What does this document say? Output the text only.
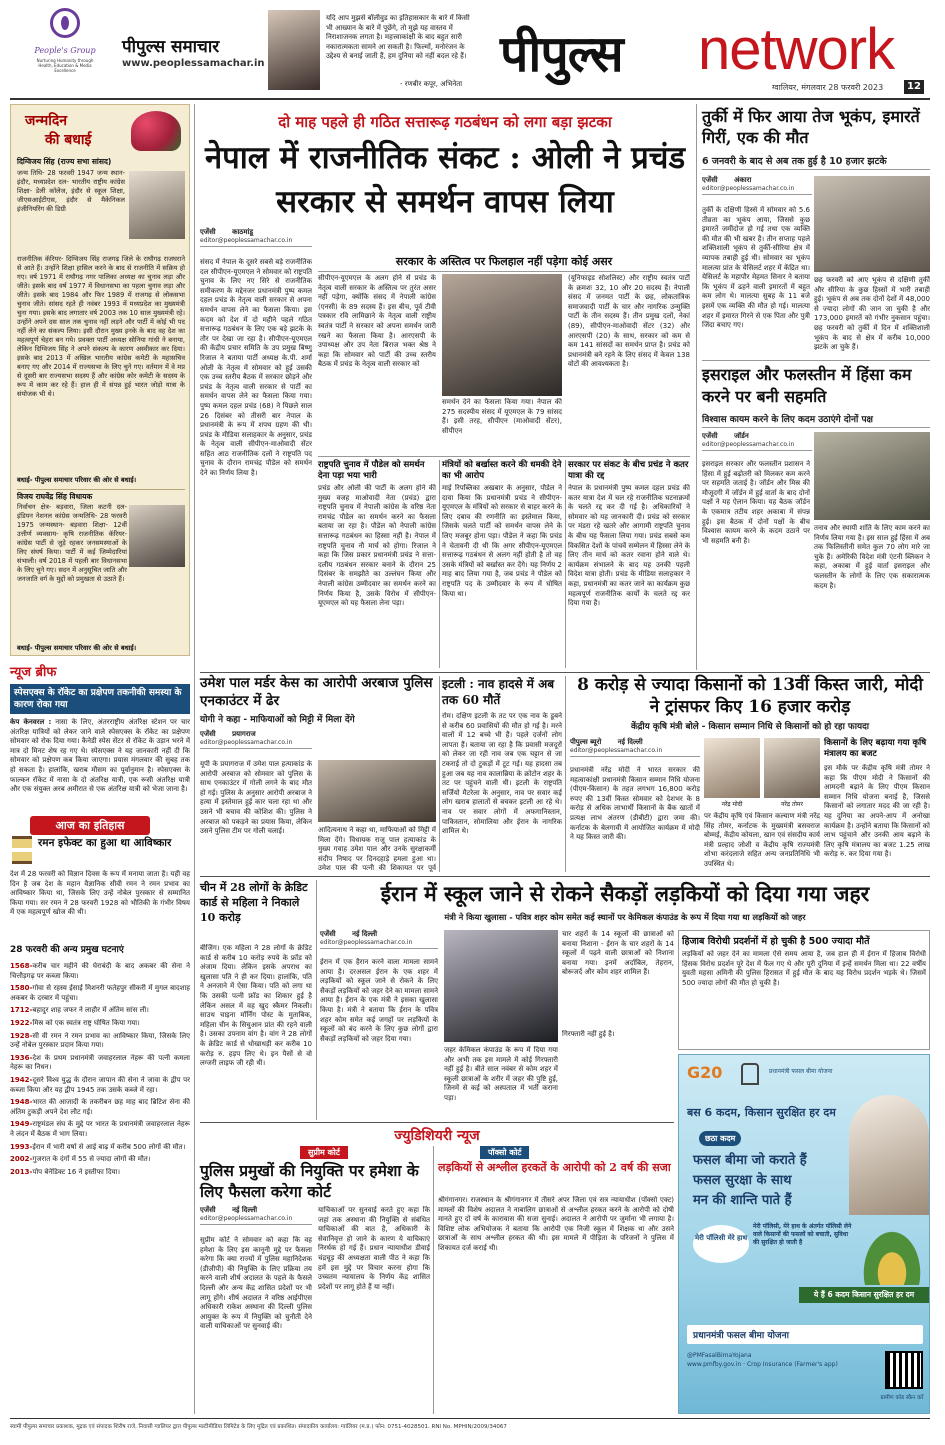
People's Group
Nurturing Humanity through Health, Education & Media Excellence
पीपुल्स समाचार
www.peoplessamachar.in
यदि आप मुझसे बॉलीवुड का इतिहासकार के बारे में किसी भी आख्यान के बारे में पूछेंगे, तो मुझे यह वास्तव में निराशाजनक लगता है। महत्त्वाकांक्षी के बाद बहुत सारी नकारात्मकता सामने आ सकती है। फिल्मों, मनोरंजन के उद्देश्य से बनाई जाती हैं, हम दुनिया को नहीं बदल रहे हैं।
- रणबीर कपूर, अभिनेता
पीपुल्स network
ग्वालियर, मंगलवार 28 फरवरी 2023	12
जन्मदिन
की बधाई
दिग्विजय सिंह (राज्य सभा सांसद)
जन्म तिथि- 28 फरवरी 1947 जन्म स्थान- इंदौर, मध्यप्रदेश दल- भारतीय राष्ट्रीय कांग्रेस शिक्षा- डेली कॉलेज, इंदौर से स्कूल शिक्षा, जीएसआईटीएस, इंदौर से मैकेनिकल इंजीनियरिंग की डिग्री
राजनीतिक कॅरियर- दिग्विजय सिंह राजगढ़ जिले के राघौगढ़ राजघराने से आते हैं। उन्होंने शिक्षा हासिल करने के बाद से राजनीति में सक्रिय हो गए। वर्ष 1971 में राघौगढ़ नगर पालिका अध्यक्ष का चुनाव लड़ा और जीते। इसके बाद वर्ष 1977 में विधानसभा का पहला चुनाव लड़ा और जीते। इसके बाद 1984 और फिर 1989 में राजगढ़ से लोकसभा चुनाव जीते। सांसद रहते ही नवंबर 1993 में मध्यप्रदेश का मुख्यमंत्री चुना गया। इसके बाद लगातार वर्ष 2003 तक 10 साल मुख्यमंत्री रहे। उन्होंने अपने दस साल तक चुनाव नहीं लड़ने और पार्टी में कोई भी पद नहीं लेने का संकल्प लिया। इसी दौरान मुख्य इनके के बाद वह देश का महत्वपूर्ण चेहरा बन गये। प्रवक्ता पार्टी अध्यक्ष सोनिया गांधी ने बनाया, लेकिन दिग्विजय सिंह ने अपने संकल्प के कारण अस्वीकार कर दिया। इसके बाद 2013 में अखिल भारतीय कांग्रेस कमेटी के महासचिव बनाए गए और 2014 में राज्यसभा के लिए चुने गए। वर्तमान में वे मप्र से दूसरी बार राज्यसभा सदस्य हैं और कांग्रेस कोर कमेटी के सदस्य के रूप में काम कर रहे हैं। हाल ही में संपन्न हुई भारत जोड़ो यात्रा के संयोजक भी थे।
बधाई- पीपुल्स समाचार परिवार की ओर से बधाई।
विजय राघवेंद्र सिंह विधायक
निर्वाचन क्षेत्र- बड़वारा, जिला कटनी दल- इंडियन नेशनल कांग्रेस जन्मतिथि- 28 फरवरी 1975 जन्मस्थान- बड़वारा शिक्षा- 12वीं उत्तीर्ण व्यवसाय- कृषि राजनीतिक कॅरियर- कांग्रेस पार्टी से जुड़े रहकर जनसमस्याओं के लिए संघर्ष किया। पार्टी में कई जिम्मेदारियां संभाली। वर्ष 2018 में पहली बार विधानसभा के लिए चुने गए। सदन में अनुसूचित जाति और जनजाति वर्ग के मुद्दों को प्रमुखता से उठाते हैं।
बधाई- पीपुल्स समाचार परिवार की ओर से बधाई।
न्यूज ब्रीफ
स्पेसएक्स के रॉकेट का प्रक्षेपण तकनीकी समस्या के कारण रोका गया
केप केनवरल : नासा के लिए, अंतरराष्ट्रीय अंतरिक्ष स्टेशन पर चार अंतरिक्ष यात्रियों को लेकर जाने वाले स्पेसएक्स के रॉकेट का प्रक्षेपण सोमवार को रोक दिया गया। कैनेडी स्पेस सेंटर से रॉकेट के उड़ान भरने में मात्र दो मिनट शेष रह गए थे। स्पेसएक्स ने यह जानकारी नहीं दी कि सोमवार को प्रक्षेपण कब किया जाएगा। प्रयास मंगलवार की सुबह तक हो सकता है। हालांकि, खराब मौसम का पूर्वानुमान है। स्पेसएक्स के फाल्कन रॉकेट में नासा के दो अंतरिक्ष यात्री, एक रूसी अंतरिक्ष यात्री और एक संयुक्त अरब अमीरात से एक अंतरिक्ष यात्री को भेजा जाना है।
आज का इतिहास
रमन इफेक्ट का हुआ था आविष्कार
देश में 28 फरवरी को विज्ञान दिवस के रूप में मनाया जाता है। यही वह दिन है जब देश के महान वैज्ञानिक सीवी रमन ने रमन प्रभाव का आविष्कार किया था, जिसके लिए उन्हें नोबेल पुरस्कार से सम्मानित किया गया। सर रमन ने 28 फरवरी 1928 को भौतिकी के गंभीर विषय में एक महत्वपूर्ण खोज की थी।
28 फरवरी की अन्य प्रमुख घटनाएं
1568-करीब चार महीने की घेराबंदी के बाद अकबर की सेना ने चित्तौड़गढ़ पर कब्जा किया।
1580-गोवा से रहस्य ईसाई मिशनरी फतेहपुर सीकरी में मुगल बादशाह अकबर के दरबार में पहुंचा।
1712-बहादुर शाह जफर ने लाहौर में अंतिम सांस ली।
1922-मिस्र को एक स्वतंत्र राष्ट्र घोषित किया गया।
1928-सी वी रमन ने रमन प्रभाव का आविष्कार किया, जिसके लिए उन्हें नोबेल पुरस्कार प्रदान किया गया।
1936-देश के प्रथम प्रधानमंत्री जवाहरलाल नेहरू की पत्नी कमला नेहरू का निधन।
1942-दूसरे विश्व युद्ध के दौरान जापान की सेना ने जावा के द्वीप पर कब्जा किया और यह द्वीप 1945 तक उसके कब्जे में रहा।
1948-भारत की आजादी के तकरीबन छह माह बाद ब्रिटिश सेना की अंतिम टुकड़ी अपने देश लौट गई।
1949-राष्ट्रमंडल संघ के मुद्दे पर भारत के प्रधानमंत्री जवाहरलाल नेहरू ने लंदन में बैठक में भाग लिया।
1993-ईरान में भारी वर्षा से आई बाढ़ में करीब 500 लोगों की मौत।
2002-गुजरात के दंगों में 55 से ज्यादा लोगों की मौत।
2013-पोप बेनेडिक्ट 16 ने इस्तीफा दिया।
दो माह पहले ही गठित सत्तारूढ़ गठबंधन को लगा बड़ा झटका
नेपाल में राजनीतिक संकट : ओली ने प्रचंड सरकार से समर्थन वापस लिया
एजेंसी काठमांडू
editor@peoplessamachar.co.in
संसद में नेपाल के दूसरे सबसे बड़े राजनीतिक दल सीपीएन-यूएमएल ने सोमवार को राष्ट्रपति चुनाव के लिए नए सिरे से राजनीतिक समीकरण के मद्देनजर प्रधानमंत्री पुष्प कमल दहल प्रचंड के नेतृत्व वाली सरकार से अपना समर्थन वापस लेने का फैसला किया। इस कदम को देश में दो महीने पहले गठित सत्तारूढ़ गठबंधन के लिए एक बड़े झटके के तौर पर देखा जा रहा है। सीपीएन-यूएमएल की केंद्रीय प्रचार समिति के उप प्रमुख बिष्णु रिजाल ने बताया पार्टी अध्यक्ष के.पी. शर्मा ओली के नेतृत्व में सोमवार को हुई उसकी एक उच्च स्तरीय बैठक में सरकार छोड़ने और प्रचंड के नेतृत्व वाली सरकार से पार्टी का समर्थन वापस लेने का फैसला किया गया। पुष्प कमल दहल प्रचंड (68) ने पिछले साल 26 दिसंबर को तीसरी बार नेपाल के प्रधानमंत्री के रूप में शपथ ग्रहण की थी। प्रचंड के मीडिया सलाहकार के अनुसार, प्रचंड के नेतृत्व वाली सीपीएन-माओवादी सेंटर सहित आठ राजनीतिक दलों ने राष्ट्रपति पद चुनाव के दौरान रामचंद्र पौडेल को समर्थन देने का निर्णय लिया है।
सरकार के अस्तित्व पर फिलहाल नहीं पड़ेगा कोई असर
सीपीएन-यूएमएल के अलग होने से प्रचंड के नेतृत्व वाली सरकार के अस्तित्व पर तुरंत असर नहीं पड़ेगा, क्योंकि संसद में नेपाली कांग्रेस (एनसी) के 89 सदस्य हैं। इस बीच, पूर्व टीवी पत्रकार रवि लामिछाने के नेतृत्व वाली राष्ट्रीय स्वतंत्र पार्टी ने सरकार को अपना समर्थन जारी रखने का फैसला किया है। आरएसपी के उपाध्यक्ष और उप नेता बिराज भक्त श्रेष्ठ ने कहा कि सोमवार को पार्टी की उच्च स्तरीय बैठक में प्रचंड के नेतृत्व वाली सरकार को
समर्थन देने का फैसला किया गया। नेपाल की 275 सदस्यीय संसद में यूएमएल के 79 सांसद हैं। इसी तरह, सीपीएन (माओवादी सेंटर), सीपीएन
(यूनिफाइड सोशलिस्ट) और राष्ट्रीय स्वतंत्र पार्टी के क्रमशः 32, 10 और 20 सदस्य हैं। नेपाली संसद में जनमत पार्टी के छह, लोकतांत्रिक समाजवादी पार्टी के चार और नागरिक उन्मुक्ति पार्टी के तीन सदस्य हैं। तीन प्रमुख दलों, नेकां (89), सीपीएन-माओवादी सेंटर (32) और आरएसपी (20) के साथ, सरकार को कम से कम 141 सांसदों का समर्थन प्राप्त है। प्रचंड को प्रधानमंत्री बने रहने के लिए संसद में केवल 138 वोटों की आवश्यकता है।
राष्ट्रपति चुनाव में पौडेल को समर्थन देना पड़ा भया भारी
प्रचंड और ओली की पार्टी के अलग होने की मुख्य वजह माओवादी नेता (प्रचंड) द्वारा राष्ट्रपति चुनाव में नेपाली कांग्रेस के वरिष्ठ नेता रामचंद्र पौडेल का समर्थन करने का फैसला बताया जा रहा है। पौडेल को नेपाली कांग्रेस सत्तारूढ़ गठबंधन का हिस्सा नहीं है। नेपाल में राष्ट्रपति चुनाव नौ मार्च को होगा। रिजाल ने कहा कि जिस प्रकार प्रधानमंत्री प्रचंड ने सत्ता-दलीय गठबंधन सरकार बनाने के दौरान 25 दिसंबर के समझौते का उल्लंघन किया और नेपाली कांग्रेस उम्मीदवार का समर्थन करने का निर्णय किया है, उसके विरोध में सीपीएन-यूएमएल को यह फैसला लेना पड़ा।
मंत्रियों को बर्खास्त करने की धमकी देने का भी आरोप
माई रिपब्लिका अखबार के अनुसार, पौडेल ने दावा किया कि प्रधानमंत्री प्रचंड ने सीपीएन-यूएमएल के मंत्रियों को सरकार से बाहर करने के लिए दबाव की रणनीति का इस्तेमाल किया, जिसके चलते पार्टी को समर्थन वापस लेने के लिए मजबूर होना पड़ा। पौडेल ने कहा कि प्रचंड ने चेतावनी दी थी कि अगर सीपीएन-यूएमएल सत्तारूढ़ गठबंधन से अलग नहीं होती है तो वह उसके मंत्रियों को बर्खास्त कर देंगे। यह निर्णय 2 माह बाद लिया गया है, जब प्रचंड ने पौडेल को राष्ट्रपति पद के उम्मीदवार के रूप में घोषित किया था।
सरकार पर संकट के बीच प्रचंड ने कतर यात्रा की रद्द
नेपाल के प्रधानमंत्री पुष्प कमल दहल प्रचंड की कतर यात्रा देश में चल रहे राजनीतिक घटनाक्रमों के चलते रद्द कर दी गई है। अधिकारियों ने सोमवार को यह जानकारी दी। प्रचंड को सरकार पर मंडरा रहे खतरे और आगामी राष्ट्रपति चुनाव के बीच यह फैसला लिया गया। प्रचंड सबसे कम विकसित देशों के पांचवें सम्मेलन में हिस्सा लेने के लिए तीन मार्च को कतर रवाना होने वाले थे। कार्यक्रम संभालने के बाद यह उनकी पहली विदेश यात्रा होती। प्रचंड के मीडिया सलाहकार ने कहा, प्रधानमंत्री का कतर जाने का कार्यक्रम कुछ महत्वपूर्ण राजनीतिक कार्यों के चलते रद्द कर दिया गया है।
तुर्की में फिर आया तेज भूकंप, इमारतें गिरीं, एक की मौत
6 जनवरी के बाद से अब तक हुई है 10 हजार झटके
एजेंसी अंकारा
editor@peoplessamachar.co.in
तुर्की के दक्षिणी हिस्से में सोमवार को 5.6 तीव्रता का भूकंप आया, जिससे कुछ इमारतें जमींदोज हो गई तथा एक व्यक्ति की मौत की भी खबर है। तीन सप्ताह पहले शक्तिशाली भूकंप से तुर्की-सीरिया क्षेत्र में व्यापक तबाही हुई थी। सोमवार का भूकंप मालत्या प्रांत के येसिलर्ट शहर में केंद्रित था। येसिलर्ट के महापौर मेहमत सिनार ने बताया कि भूकंप में ढहने वाली इमारतों में बहुत कम लोग थे। मालत्या सुबह के 11 बजे इसमें एक व्यक्ति की मौत हो गई। मालत्या शहर में इमारत गिरने से एक पिता और पुत्री जिंदा बचाए गए।
छह फरवरी को आए भूकंप से दक्षिणी तुर्की और सीरिया के कुछ हिस्सों में भारी तबाही हुई। भूकंप से अब तक दोनों देशों में 48,000 से ज्यादा लोगों की जान जा चुकी है और 173,000 इमारतें को गंभीर नुकसान पहुंचा। छह फरवरी को तुर्की में दिन में शक्तिशाली भूकंप के बाद से क्षेत्र में करीब 10,000 झटके आ चुके हैं।
इसराइल और फलस्तीन में हिंसा कम करने पर बनी सहमति
विश्वास कायम करने के लिए कदम उठाएंगे दोनों पक्ष
एजेंसी जॉर्डन
editor@peoplessamachar.co.in
इसराइल सरकार और फलस्तीन प्रशासन ने हिंसा में हुई बढ़ोतरी को मिलकर कम करने पर सहमति जताई है। जॉर्डन और मिस्र की मौजूदगी में जॉर्डन में हुई वार्ता के बाद दोनों पक्षों ने यह ऐलान किया। यह बैठक जॉर्डन के एकमात्र तटीय शहर अकाबा में संपन्न हुई। इस बैठक में दोनों पक्षों के बीच विश्वास कायम करने के कदम उठाने पर भी सहमति बनी है।
तनाव और स्थायी शांति के लिए काम करने का निर्णय लिया गया है। इस साल हुई हिंसा में अब तक फिलिस्तीनी समेत कुल 70 लोग मारे जा चुके हैं। अमेरिकी विदेश मंत्री एंटनी ब्लिंकन ने कहा, अकाबा में हुई वार्ता इसराइल और फलस्तीन के लोगों के लिए एक सकारात्मक कदम है।
उमेश पाल मर्डर केस का आरोपी अरबाज पुलिस एनकाउंटर में ढेर
योगी ने कहा - माफियाओं को मिट्टी में मिला देंगे
एजेंसी प्रयागराज
editor@peoplessamachar.co.in
यूपी के प्रयागराज में उमेश पाल हत्याकांड के आरोपी अरबाज को सोमवार को पुलिस के साथ एनकाउंटर में गोली लगने के बाद मौत हो गई। पुलिस के अनुसार आरोपी अरबाज ने हत्या में इस्तेमाल हुई कार चला रहा था और उसने भी बचाव की कोशिश की। पुलिस ने अरबाज को पकड़ने का प्रयास किया, लेकिन उसने पुलिस टीम पर गोली चलाई।	आदित्यनाथ ने कहा था, माफियाओं को मिट्टी में मिला देंगे। विधायक राजू पाल हत्याकांड के मुख्य गवाह उमेश पाल और उनके सुरक्षाकर्मी संदीप निषाद पर दिनदहाड़े हमला हुआ था। उमेश पाल की पत्नी की शिकायत पर पूर्व
इटली : नाव हादसे में अब तक 60 मौतें
रोम। दक्षिण इटली के तट पर एक नाव के डूबने से करीब 60 प्रवासियों की मौत हो गई है। मरने वालों में 12 बच्चे भी हैं। पहले दर्जनों लोग लापता हैं। बताया जा रहा है कि प्रवासी मजदूरों को लेकर जा रही नाव जब एक चट्टान से जा टकराई तो दो टुकड़ों में टूट गई। यह हादसा तब हुआ जब यह नाव कालाब्रिया के क्रोटोन शहर के तट पर पहुंचने वाली थी। इटली के राष्ट्रपति सर्जियो मैटरेला के अनुसार, नाव पर सवार कई लोग खराब हालातों से बचकर इटली आ रहे थे। नाव पर सवार लोगों में अफगानिस्तान, पाकिस्तान, सोमालिया और ईरान के नागरिक शामिल थे।
8 करोड़ से ज्यादा किसानों को 13वीं किस्त जारी, मोदी ने ट्रांसफर किए 16 हजार करोड़
केंद्रीय कृषि मंत्री बोले - किसान सम्मान निधि से किसानों को हो रहा फायदा
पीपुल्स ब्यूरो नई दिल्ली
editor@peoplessamachar.co.in
प्रधानमंत्री नरेंद्र मोदी ने भारत सरकार की महत्वाकांक्षी प्रधानमंत्री किसान सम्मान निधि योजना (पीएम-किसान) के तहत लगभग 16,800 करोड़ रुपए की 13वीं किस्त सोमवार को देशभर के 8 करोड़ से अधिक लाभार्थी किसानों के बैंक खातों में प्रत्यक्ष लाभ अंतरण (डीबीटी) द्वारा जमा की। कर्नाटक के बेलगावी में आयोजित कार्यक्रम में मोदी ने यह किस्त जारी की।
नरेंद्र मोदी	नरेंद्र तोमर
पर केंद्रीय कृषि एवं किसान कल्याण मंत्री नरेंद्र सिंह तोमर, कर्नाटक के मुख्यमंत्री बसवराज बोम्मई, केंद्रीय कोयला, खान एवं संसदीय कार्य मंत्री प्रल्हाद जोशी व केंद्रीय कृषि राज्यमंत्री शोभा करंदलाजे सहित अन्य जनप्रतिनिधि भी उपस्थित थे।
किसानों के लिए बढ़ाया गया कृषि मंत्रालय का बजट
इस मौके पर केंद्रीय कृषि मंत्री तोमर ने कहा कि पीएम मोदी ने किसानों की आमदनी बढ़ाने के लिए पीएम किसान सम्मान निधि योजना बनाई है, जिससे किसानों को लगातार मदद की जा रही है। यह दुनिया का अपने-आप में अनोखा कार्यक्रम है। उन्होंने बताया कि किसानों को लाभ पहुंचाने और उनकी आय बढ़ाने के लिए कृषि मंत्रालय का बजट 1.25 लाख करोड़ रु. कर दिया गया है।
चीन में 28 लोगों के क्रेडिट कार्ड से महिला ने निकाले 10 करोड़
बीजिंग। एक महिला ने 28 लोगों के क्रेडिट कार्ड से करीब 10 करोड़ रुपये के फ्रॉड को अंजाम दिया। लेकिन इसके अपराध का खुलासा पति ने ही कर दिया। हालांकि, पति ने अनजाने में ऐसा किया। पति को लगा था कि उसकी पत्नी फ्रॉड का शिकार हुई है लेकिन असल में वह खुद स्कैमर निकली। साउथ चाइना मॉर्निंग पोस्ट के मुताबिक, महिला चीन के सिचुआन प्रांत की रहने वाली है। उसका उपनाम वांग है। वांग ने 28 लोगों के क्रेडिट कार्ड से धोखाधड़ी कर करीब 10 करोड़ रु. हड़प लिए थे। इन पैसों से वो लग्जरी लाइफ जी रही थी।
ईरान में स्कूल जाने से रोकने सैकड़ों लड़कियों को दिया गया जहर
मंत्री ने किया खुलासा - पवित्र शहर कोम समेत कई स्थानों पर केमिकल कंपाउंड के रूप में दिया गया था लड़कियों को जहर
एजेंसी नई दिल्ली
editor@peoplessamachar.co.in
ईरान में एक हैरान करने वाला मामला सामने आया है। दरअसल ईरान के एक शहर में लड़कियों को स्कूल जाने से रोकने के लिए सैकड़ों लड़कियों को जहर देने का मामला सामने आया है। ईरान के एक मंत्री ने इसका खुलासा किया है। मंत्री ने बताया कि ईरान के पवित्र शहर कोम समेत कई जगहों पर लड़कियों के स्कूलों को बंद करने के लिए कुछ लोगों द्वारा सैकड़ों लड़कियों को जहर दिया गया।
जहर केमिकल कंपाउंड के रूप में दिया गया और अभी तक इस मामले में कोई गिरफ्तारी नहीं हुई है। बीते साल नवंबर से कोम शहर में स्कूली छात्राओं के शरीर में जहर की पुष्टि हुई, जिनमें से कई को अस्पताल में भर्ती कराना पड़ा।
चार शहरों के 14 स्कूलों की छात्राओं को बनाया निशाना - ईरान के चार शहरों के 14 स्कूलों में पढ़ने वाली छात्राओं को निशाना बनाया गया। इनमें अर्दाबिल, तेहरान, बोरूजर्द और कोम शहर शामिल हैं।
गिरफ्तारी नहीं हुई है।
हिजाब विरोधी प्रदर्शनों में हो चुकी है 500 ज्यादा मौतें
लड़कियों को जहर देने का मामला ऐसे समय आया है, जब हाल ही में ईरान में हिजाब विरोधी हिंसक विरोध प्रदर्शन पूरे देश में फैल गए थे और पूरी दुनिया में इन्हें समर्थन मिला था। 22 वर्षीय युवती महसा अमिनी की पुलिस हिरासत में हुई मौत के बाद यह विरोध प्रदर्शन भड़के थे। जिसमें 500 ज्यादा लोगों की मौत हो चुकी है।
ज्युडिशियरी न्यूज
सुप्रीम कोर्ट
पुलिस प्रमुखों की नियुक्ति पर हमेशा के लिए फैसला करेगा कोर्ट
एजेंसी नई दिल्ली
editor@peoplessamachar.co.in
सुप्रीम कोर्ट ने सोमवार को कहा कि वह हमेशा के लिए इस कानूनी मुद्दे पर फैसला करेगा कि क्या राज्यों में पुलिस महानिदेशक (डीजीपी) की नियुक्ति के लिए प्रक्रिया तय करने वाली शीर्ष अदालत के पहले के फैसले दिल्ली और अन्य केंद्र शासित प्रदेशों पर भी लागू होंगे। शीर्ष अदालत ने वरिष्ठ आईपीएस अधिकारी राकेश अस्थाना की दिल्ली पुलिस आयुक्त के रूप में नियुक्ति को चुनौती देने वाली याचिकाओं पर सुनवाई की।
याचिकाओं पर सुनवाई करते हुए कहा कि जहां तक अस्थाना की नियुक्ति से संबंधित याचिकाओं की बात है, अधिकारी के सेवानिवृत्त हो जाने के कारण ये याचिकाएं निरर्थक हो गई हैं। प्रधान न्यायाधीश डीवाई चंद्रचूड़ की अध्यक्षता वाली पीठ ने कहा कि हमें इस मुद्दे पर विचार करना होगा कि उच्चतम न्यायालय के निर्णय केंद्र शासित प्रदेशों पर लागू होते हैं या नहीं।
पॉक्सो कोर्ट
लड़कियों से अश्लील हरकतें के आरोपी को 2 वर्ष की सजा
श्रीगंगानगर। राजस्थान के श्रीगंगानगर में तीसरे अपर जिला एवं सत्र न्यायाधीश (पॉक्सो एक्ट) मामलों की विशेष अदालत ने नाबालिग छात्राओं से अश्लील हरकत करने के आरोपी को दोषी मानते हुए दो वर्ष के कारावास की सजा सुनाई। अदालत ने आरोपी पर जुर्माना भी लगाया है। विशिष्ट लोक अभियोजक ने बताया कि आरोपी एक निजी स्कूल में शिक्षक था और उसने छात्राओं के साथ अश्लील हरकत की थी। इस मामले में पीड़िता के परिजनों ने पुलिस में शिकायत दर्ज कराई थी।
G20	प्रधानमंत्री फसल बीमा योजना
बस 6 कदम, किसान सुरक्षित हर दम
छठा कदम
फसल बीमा जो कराते हैं
फसल सुरक्षा के साथ
मन की शान्ति पाते हैं
मेरी पॉलिसी मेरे हाथ
मेरी पॉलिसी, मेरे हाथ के अंतर्गत पॉलिसी लेने वाले किसानों की फसलों को बचाती, सुविधा की सुरक्षित हो जाती है
ये हैं 6 कदम किसान सुरक्षित हर दम
प्रधानमंत्री फसल बीमा योजना
@PMFasalBimaYojana
www.pmfby.gov.in · Crop Insurance (Farmer's app)
ग्रामीण कोड स्कैन करें
स्वामी पीपुल्स समाचार प्रकाशक, मुद्रक एवं संपादक शिरीष राजे, निवासी ग्वालियर द्वारा पीपुल्स मल्टीमीडिया लिमिटेड के लिए मुद्रित एवं प्रकाशित। संपादकीय कार्यालय: ग्वालियर (म.प्र.) फोन: 0751-4028501. RNI No. MPHIN/2009/34067
